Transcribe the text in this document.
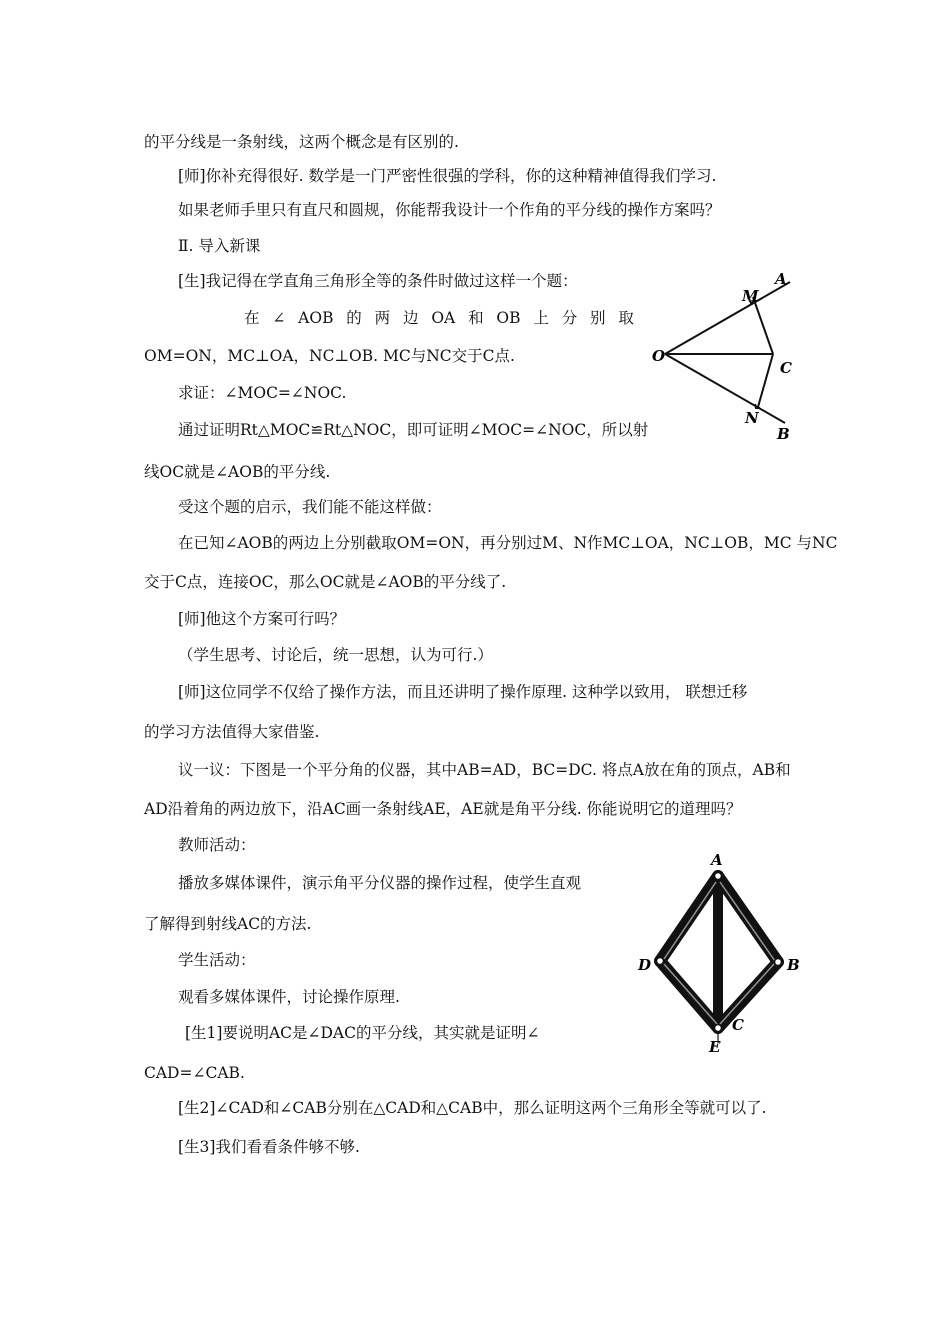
的平分线是一条射线，这两个概念是有区别的.
[师]你补充得很好. 数学是一门严密性很强的学科，你的这种精神值得我们学习.
如果老师手里只有直尺和圆规，你能帮我设计一个作角的平分线的操作方案吗？
Ⅱ. 导入新课
[生]我记得在学直角三角形全等的条件时做过这样一个题：
在 ∠ AOB 的 两 边 OA 和 OB 上 分 别 取
OM=ON，MC⊥OA，NC⊥OB. MC与NC交于C点.
求证：∠MOC=∠NOC.
通过证明Rt△MOC≌Rt△NOC，即可证明∠MOC=∠NOC，所以射
线OC就是∠AOB的平分线.
受这个题的启示，我们能不能这样做：
在已知∠AOB的两边上分别截取OM=ON，再分别过M、N作MC⊥OA，NC⊥OB，MC 与NC
交于C点，连接OC，那么OC就是∠AOB的平分线了.
[师]他这个方案可行吗？
（学生思考、讨论后，统一思想，认为可行.）
[师]这位同学不仅给了操作方法，而且还讲明了操作原理. 这种学以致用， 联想迁移
的学习方法值得大家借鉴.
议一议：下图是一个平分角的仪器，其中AB=AD，BC=DC. 将点A放在角的顶点，AB和
AD沿着角的两边放下，沿AC画一条射线AE，AE就是角平分线. 你能说明它的道理吗？
教师活动：
播放多媒体课件，演示角平分仪器的操作过程，使学生直观
了解得到射线AC的方法.
学生活动：
观看多媒体课件，讨论操作原理.
[生1]要说明AC是∠DAC的平分线，其实就是证明∠
CAD=∠CAB.
[生2]∠CAD和∠CAB分别在△CAD和△CAB中，那么证明这两个三角形全等就可以了.
[生3]我们看看条件够不够.
A
M
O
C
N
B
A
B
C
D
E
